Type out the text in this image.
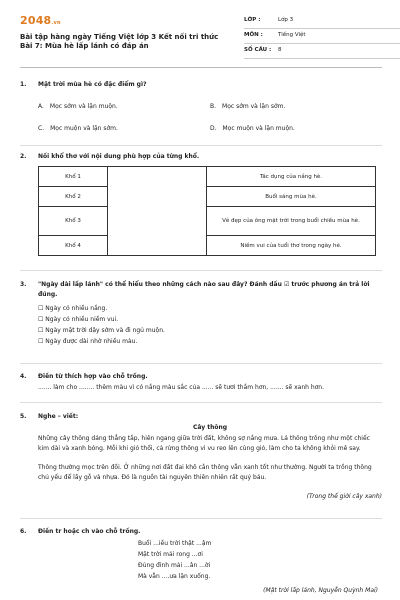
2048.vn
Bài tập hàng ngày Tiếng Việt lớp 3 Kết nối tri thức Bài 7: Mùa hè lấp lánh có đáp án
LỚP :	Lớp 3
MÔN :	Tiếng Việt
SỐ CÂU : 8
1. Mặt trời mùa hè có đặc điểm gì?
A. Mọc sớm và lặn muộn.	B. Mọc sớm và lặn sớm.
C. Mọc muộn và lặn sớm.	D. Mọc muộn và lặn muộn.
2. Nối khổ thơ với nội dung phù hợp của từng khổ.
Khổ 1		Tác dụng của nắng hè.
Khổ 2		Buổi sáng mùa hè.
Khổ 3		Vẻ đẹp của ông mặt trời trong buổi chiều mùa hè.
Khổ 4		Niềm vui của tuổi thơ trong ngày hè.
3. "Ngày dài lấp lánh" có thể hiểu theo những cách nào sau đây? Đánh dấu ☑ trước phương án trả lời đúng.
☐ Ngày có nhiều nắng.
☐ Ngày có nhiều niềm vui.
☐ Ngày mặt trời dậy sớm và đi ngủ muộn.
☐ Ngày được dài nhờ nhiều màu.
4. Điền từ thích hợp vào chỗ trống.
....... làm cho ........ thêm màu vì có nắng màu sắc của ...... sẽ tươi thắm hơn, ....... sẽ xanh hơn.
5. Nghe – viết:
Cây thông
Những cây thông dáng thẳng tắp, hiên ngang giữa trời đất, không sợ nắng mưa. Lá thông trông như một chiếc kim dài và xanh bóng. Mỗi khi gió thổi, cả rừng thông vi vu reo lên cùng gió, làm cho ta không khỏi mê say.
Thông thường mọc trên đồi. Ở những nơi đất đai khô cằn thông vẫn xanh tốt như thường. Người ta trồng thông chủ yếu để lấy gỗ và nhựa. Đó là nguồn tài nguyên thiên nhiên rất quý báu.
(Trong thế giới cây xanh)
6. Điền tr hoặc ch vào chỗ trống.
Buổi ...iều trời thật ...ậm
Mặt trời mải rong ...ơi
Đủng đỉnh mải ...ân ...ời
Mà vẫn ....ưa lặn xuống.
(Mặt trời lấp lánh, Nguyễn Quỳnh Mai)
